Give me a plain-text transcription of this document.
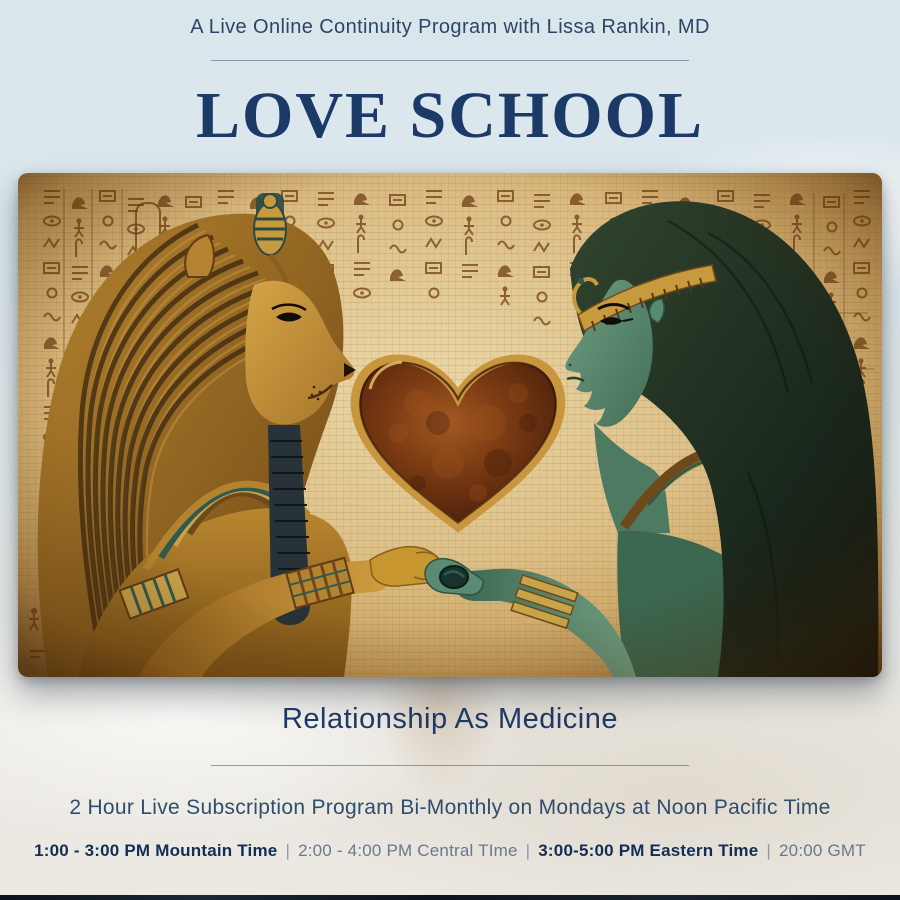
A Live Online Continuity Program with Lissa Rankin, MD

LOVE SCHOOL
Relationship As Medicine

2 Hour Live Subscription Program Bi-Monthly on Mondays at Noon Pacific Time

1:00 - 3:00 PM Mountain Time | 2:00 - 4:00 PM Central TIme | 3:00-5:00 PM Eastern Time | 20:00 GMT
